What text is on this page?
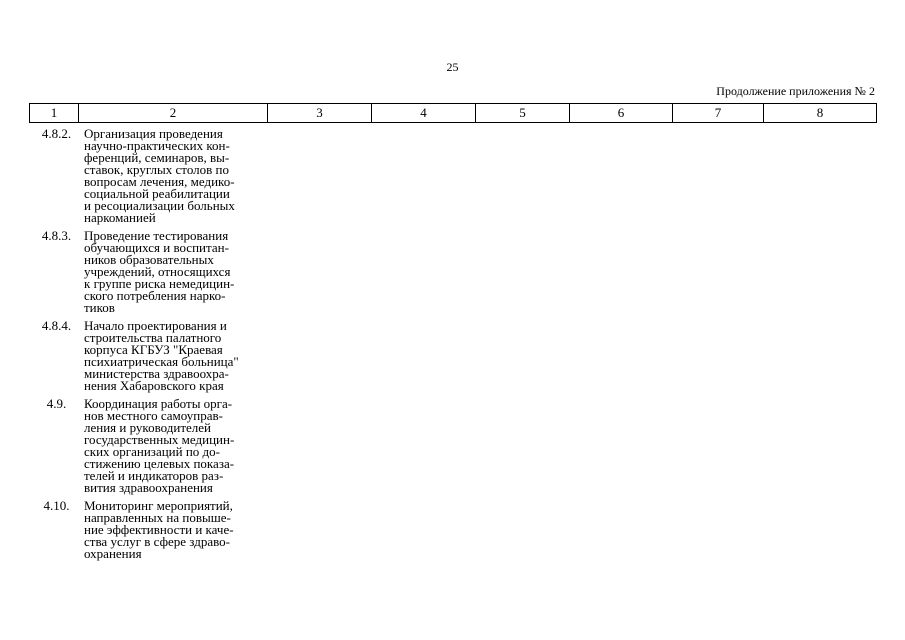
25
Продолжение приложения № 2
1	2	3	4	5	6	7	8
4.8.2. Организация проведения
научно-практических кон-
ференций, семинаров, вы-
ставок, круглых столов по
вопросам лечения, медико-
социальной реабилитации
и ресоциализации больных
наркоманией
4.8.3. Проведение тестирования
обучающихся и воспитан-
ников образовательных
учреждений, относящихся
к группе риска немедицин-
ского потребления нарко-
тиков
4.8.4. Начало проектирования и
строительства палатного
корпуса КГБУЗ "Краевая
психиатрическая больница"
министерства здравоохра-
нения Хабаровского края
4.9.	Координация работы орга-
нов местного самоуправ-
ления и руководителей
государственных медицин-
ских организаций по до-
стижению целевых показа-
телей и индикаторов раз-
вития здравоохранения
4.10.	Мониторинг мероприятий,
направленных на повыше-
ние эффективности и каче-
ства услуг в сфере здраво-
охранения
